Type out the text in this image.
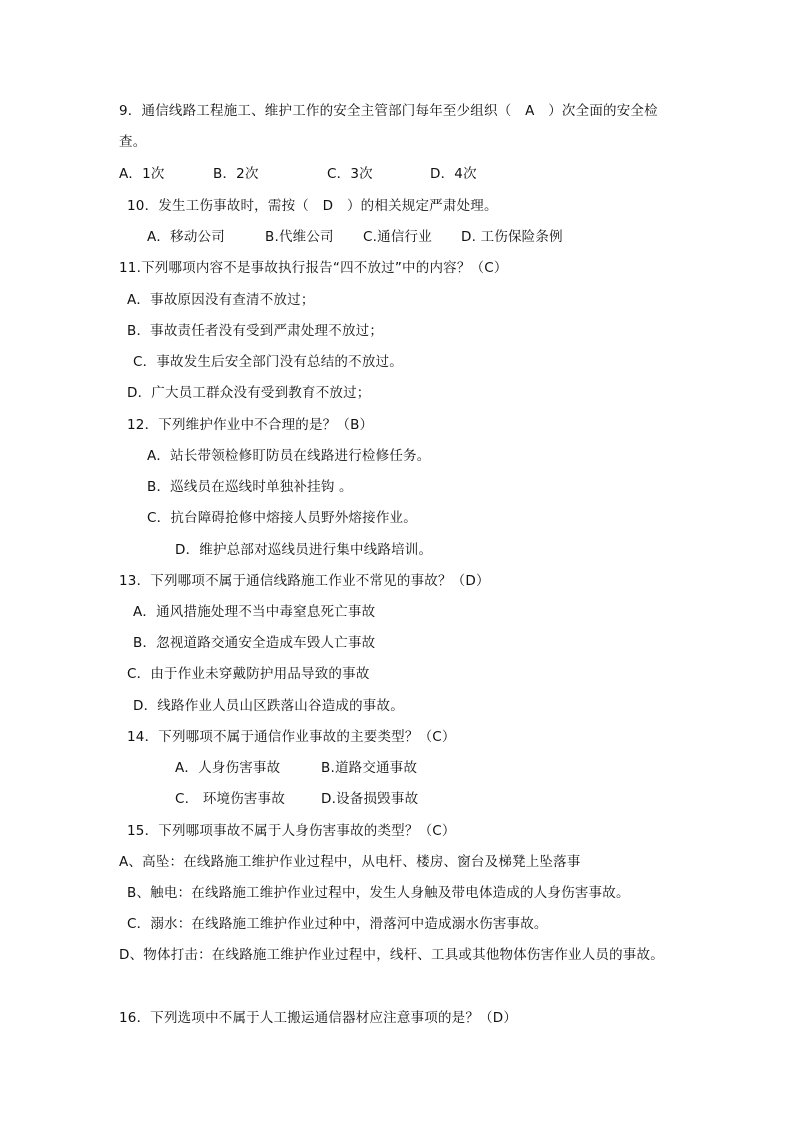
9．通信线路工程施工、维护工作的安全主管部门每年至少组织（　A　）次全面的安全检
查。
A．1次	B．2次	C．3次	D．4次
10．发生工伤事故时，需按（　D　）的相关规定严肃处理。
A．移动公司	B.代维公司 C.通信行业 D. 工伤保险条例
11.下列哪项内容不是事故执行报告“四不放过”中的内容？（C）
A．事故原因没有查清不放过；
B．事故责任者没有受到严肃处理不放过；
C．事故发生后安全部门没有总结的不放过。
D．广大员工群众没有受到教育不放过；
12．下列维护作业中不合理的是？（B）
A．站长带领检修盯防员在线路进行检修任务。
B．巡线员在巡线时单独补挂钩 。
C．抗台障碍抢修中熔接人员野外熔接作业。
D．维护总部对巡线员进行集中线路培训。
13．下列哪项不属于通信线路施工作业不常见的事故？（D）
A．通风措施处理不当中毒窒息死亡事故
B．忽视道路交通安全造成车毁人亡事故
C．由于作业未穿戴防护用品导致的事故
D．线路作业人员山区跌落山谷造成的事故。
14．下列哪项不属于通信作业事故的主要类型？（C）
A．人身伤害事故	B.道路交通事故
C.　环境伤害事故	D.设备损毁事故
15．下列哪项事故不属于人身伤害事故的类型？（C）
A、高坠：在线路施工维护作业过程中，从电杆、楼房、窗台及梯凳上坠落事
B、触电：在线路施工维护作业过程中，发生人身触及带电体造成的人身伤害事故。
C．溺水：在线路施工维护作业过种中，滑落河中造成溺水伤害事故。
D、物体打击：在线路施工维护作业过程中，线杆、工具或其他物体伤害作业人员的事故。
16．下列选项中不属于人工搬运通信器材应注意事项的是？（D）
